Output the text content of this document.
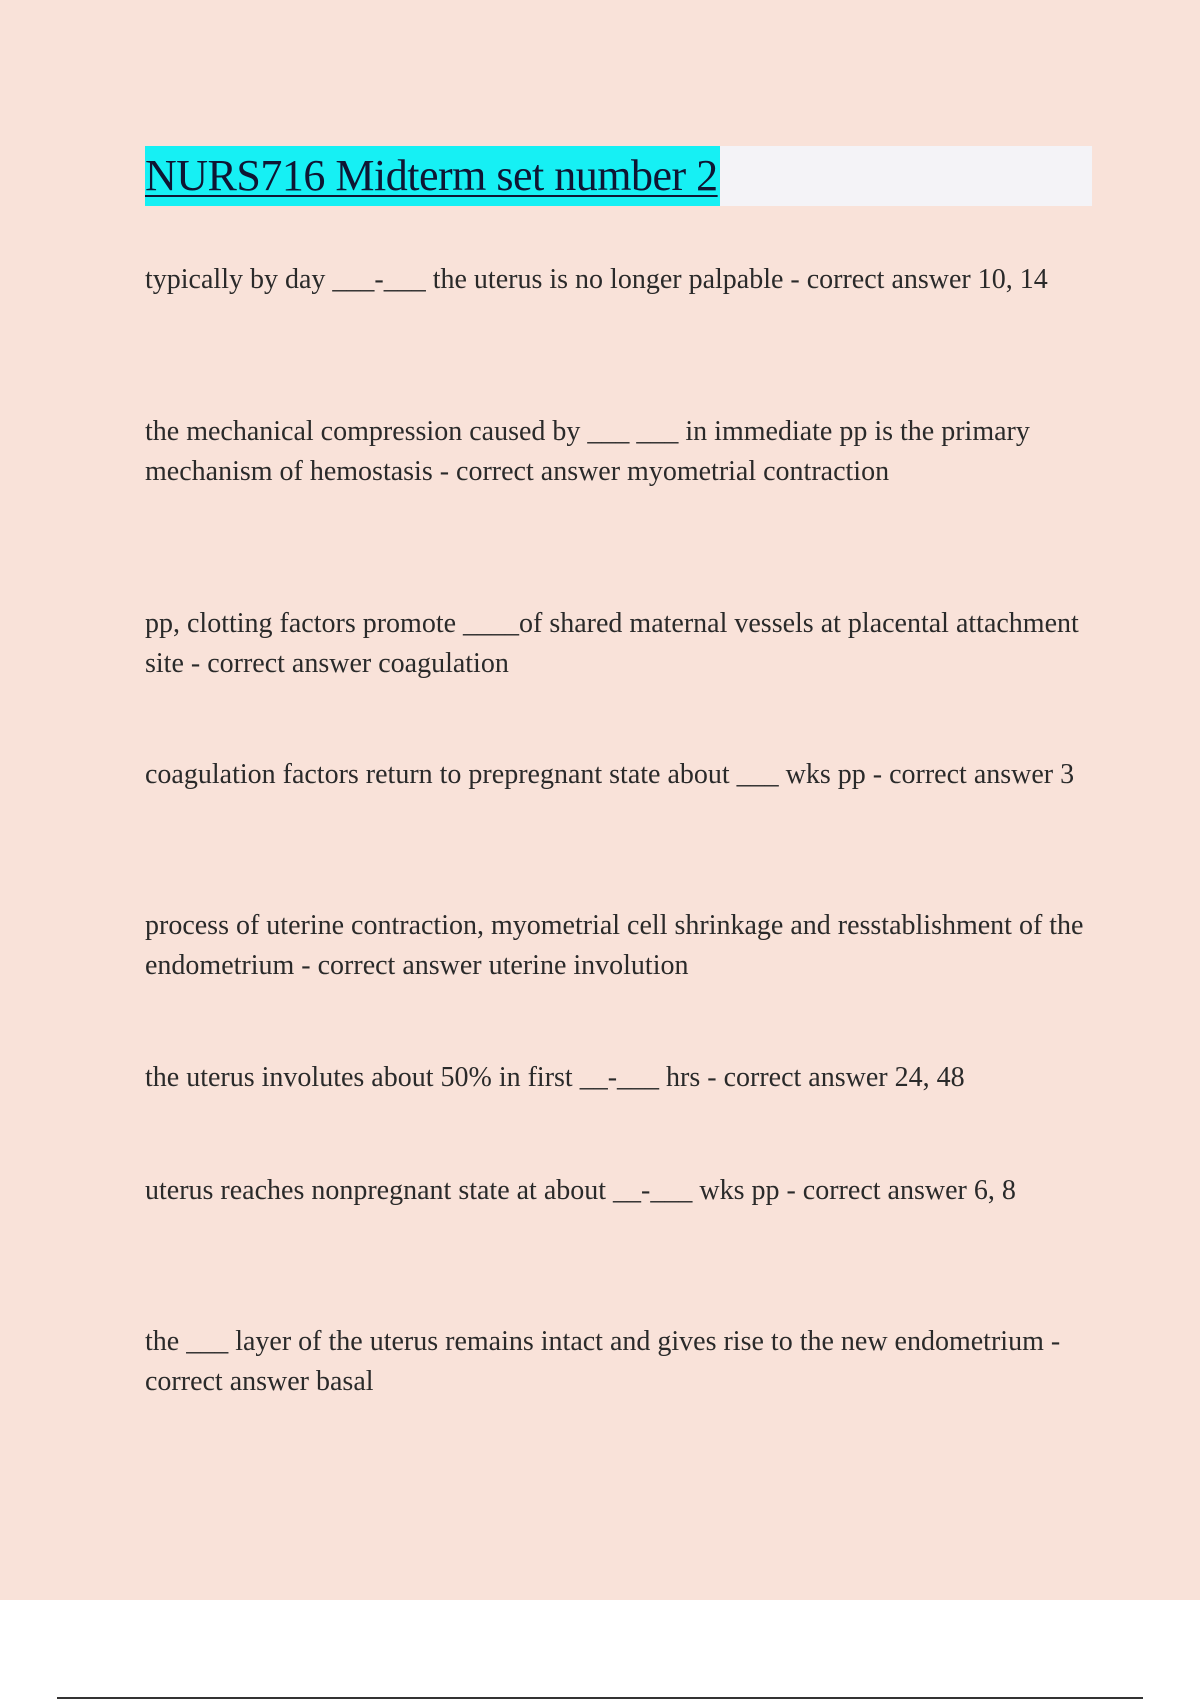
NURS716 Midterm set number 2

typically by day ___-___ the uterus is no longer palpable - correct answer 10, 14

the mechanical compression caused by ___ ___ in immediate pp is the primary mechanism of hemostasis - correct answer myometrial contraction

pp, clotting factors promote ____of shared maternal vessels at placental attachment site - correct answer coagulation

coagulation factors return to prepregnant state about ___ wks pp - correct answer 3

process of uterine contraction, myometrial cell shrinkage and resstablishment of the endometrium - correct answer uterine involution

the uterus involutes about 50% in first __-___ hrs - correct answer 24, 48

uterus reaches nonpregnant state at about __-___ wks pp - correct answer 6, 8

the ___ layer of the uterus remains intact and gives rise to the new endometrium - correct answer basal
